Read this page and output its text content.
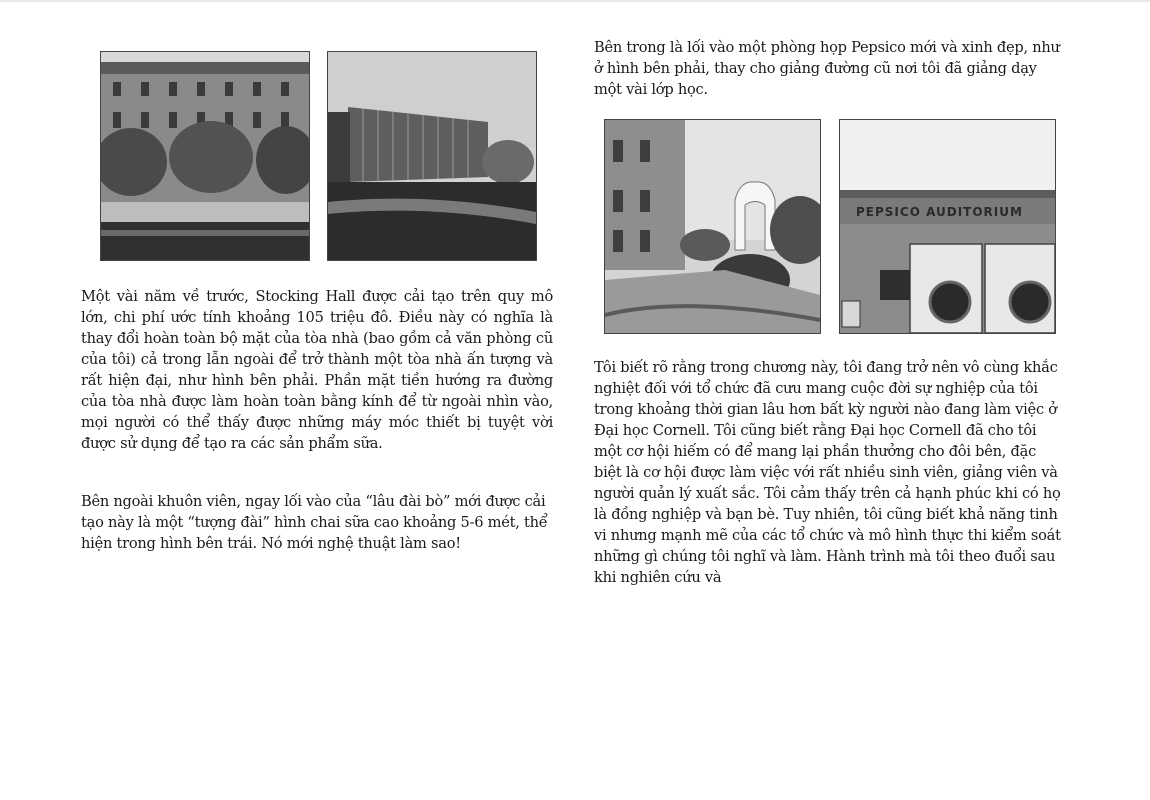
PEPSICO AUDITORIUM

Một vài năm về trước, Stocking Hall được cải tạo trên quy mô lớn, chi phí ước tính khoảng 105 triệu đô. Điều này có nghĩa là thay đổi hoàn toàn bộ mặt của tòa nhà (bao gồm cả văn phòng cũ của tôi) cả trong lẫn ngoài để trở thành một tòa nhà ấn tượng và rất hiện đại, như hình bên phải. Phần mặt tiền hướng ra đường của tòa nhà được làm hoàn toàn bằng kính để từ ngoài nhìn vào, mọi người có thể thấy được những máy móc thiết bị tuyệt vời được sử dụng để tạo ra các sản phẩm sữa.

Bên ngoài khuôn viên, ngay lối vào của “lâu đài bò” mới được cải tạo này là một “tượng đài” hình chai sữa cao khoảng 5-6 mét, thể hiện trong hình bên trái. Nó mới nghệ thuật làm sao!

Bên trong là lối vào một phòng họp Pepsico mới và xinh đẹp, như ở hình bên phải, thay cho giảng đường cũ nơi tôi đã giảng dạy một vài lớp học.

Tôi biết rõ rằng trong chương này, tôi đang trở nên vô cùng khắc nghiệt đối với tổ chức đã cưu mang cuộc đời sự nghiệp của tôi trong khoảng thời gian lâu hơn bất kỳ người nào đang làm việc ở Đại học Cornell. Tôi cũng biết rằng Đại học Cornell đã cho tôi một cơ hội hiếm có để mang lại phần thưởng cho đôi bên, đặc biệt là cơ hội được làm việc với rất nhiều sinh viên, giảng viên và người quản lý xuất sắc. Tôi cảm thấy trên cả hạnh phúc khi có họ là đồng nghiệp và bạn bè. Tuy nhiên, tôi cũng biết khả năng tinh vi nhưng mạnh mẽ của các tổ chức và mô hình thực thi kiểm soát những gì chúng tôi nghĩ và làm. Hành trình mà tôi theo đuổi sau khi nghiên cứu và
